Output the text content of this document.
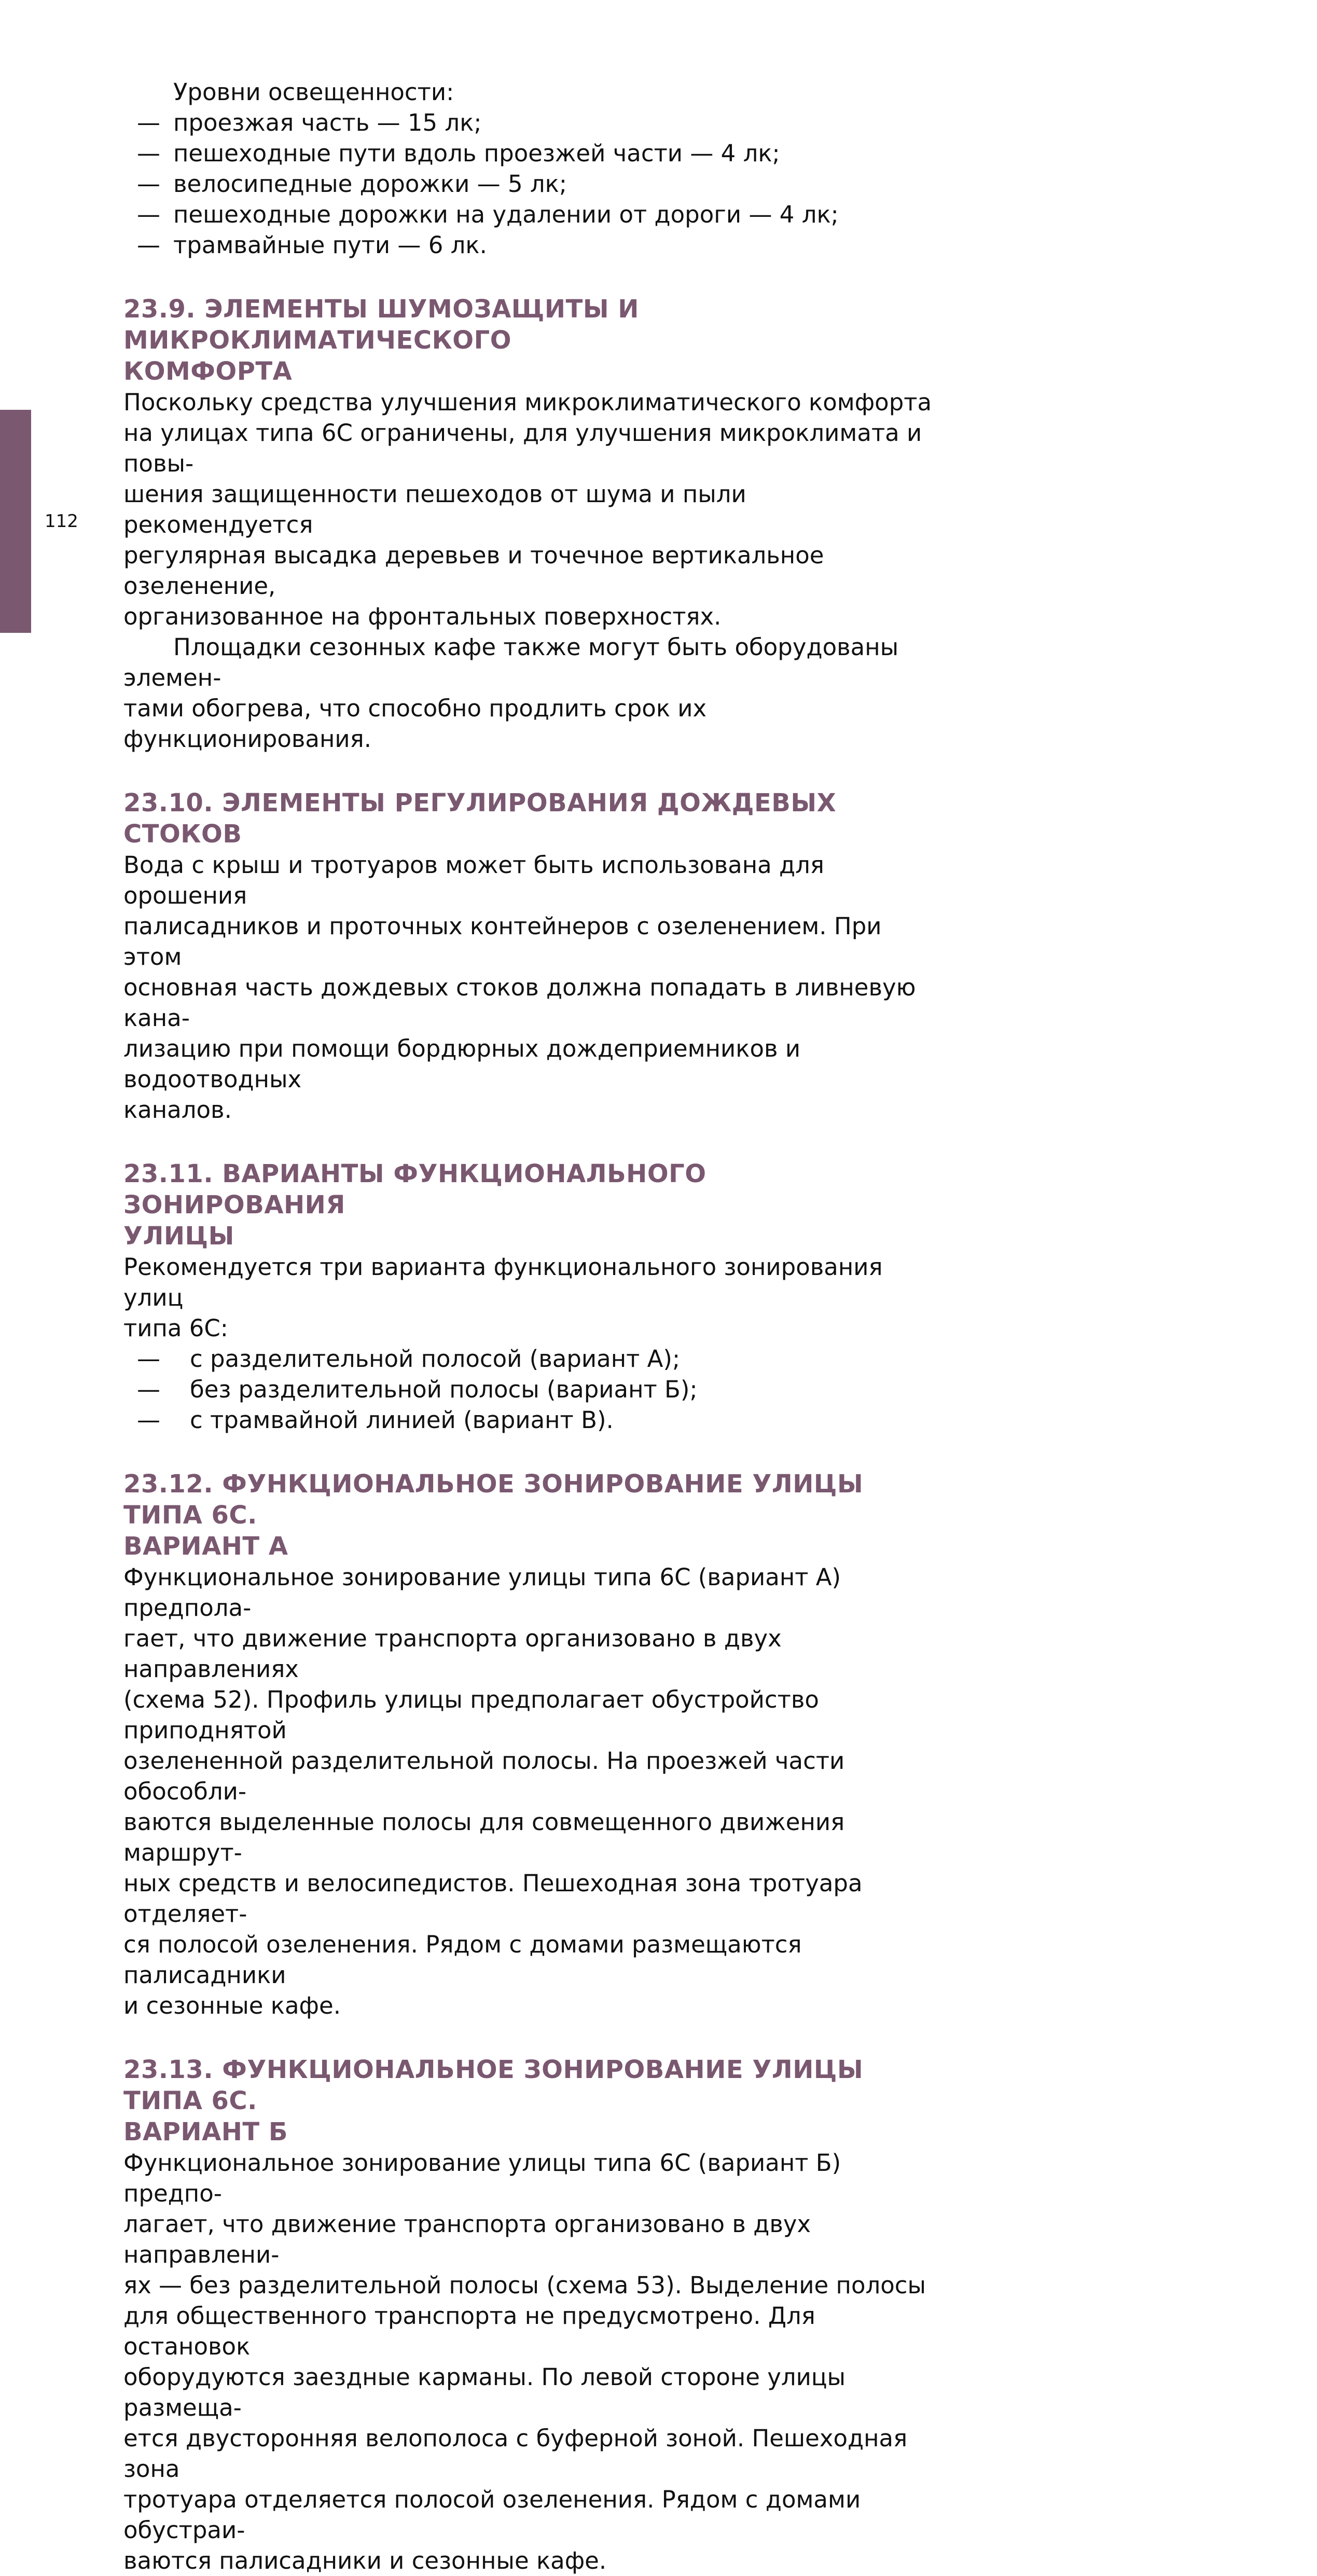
112

Уровни освещенности:

— проезжая часть — 15 лк;
— пешеходные пути вдоль проезжей части — 4 лк;
— велосипедные дорожки — 5 лк;
— пешеходные дорожки на удалении от дороги — 4 лк;
— трамвайные пути — 6 лк.
23.9. ЭЛЕМЕНТЫ ШУМОЗАЩИТЫ И МИКРОКЛИМАТИЧЕСКОГО
КОМФОРТА

Поскольку средства улучшения микроклиматического комфорта
на улицах типа 6С ограничены, для улучшения микроклимата и повы-
шения защищенности пешеходов от шума и пыли рекомендуется
регулярная высадка деревьев и точечное вертикальное озеленение,
организованное на фронтальных поверхностях.

Площадки сезонных кафе также могут быть оборудованы элемен-
тами обогрева, что способно продлить срок их функционирования.

23.10. ЭЛЕМЕНТЫ РЕГУЛИРОВАНИЯ ДОЖДЕВЫХ СТОКОВ

Вода с крыш и тротуаров может быть использована для орошения
палисадников и проточных контейнеров с озеленением. При этом
основная часть дождевых стоков должна попадать в ливневую кана-
лизацию при помощи бордюрных дождеприемников и водоотводных
каналов.

23.11. ВАРИАНТЫ ФУНКЦИОНАЛЬНОГО ЗОНИРОВАНИЯ
УЛИЦЫ

Рекомендуется три варианта функционального зонирования улиц
типа 6С:

— с разделительной полосой (вариант А);
— без разделительной полосы (вариант Б);
— с трамвайной линией (вариант В).
23.12. ФУНКЦИОНАЛЬНОЕ ЗОНИРОВАНИЕ УЛИЦЫ ТИПА 6С.
ВАРИАНТ А

Функциональное зонирование улицы типа 6С (вариант А) предпола-
гает, что движение транспорта организовано в двух направлениях
(схема 52). Профиль улицы предполагает обустройство приподнятой
озелененной разделительной полосы. На проезжей части обособли-
ваются выделенные полосы для совмещенного движения маршрут-
ных средств и велосипедистов. Пешеходная зона тротуара отделяет-
ся полосой озеленения. Рядом с домами размещаются палисадники
и сезонные кафе.

23.13. ФУНКЦИОНАЛЬНОЕ ЗОНИРОВАНИЕ УЛИЦЫ ТИПА 6С.
ВАРИАНТ Б

Функциональное зонирование улицы типа 6С (вариант Б) предпо-
лагает, что движение транспорта организовано в двух направлени-
ях — без разделительной полосы (схема 53). Выделение полосы
для общественного транспорта не предусмотрено. Для остановок
оборудуются заездные карманы. По левой стороне улицы размеща-
ется двусторонняя велополоса с буферной зоной. Пешеходная зона
тротуара отделяется полосой озеленения. Рядом с домами обустраи-
ваются палисадники и сезонные кафе.
